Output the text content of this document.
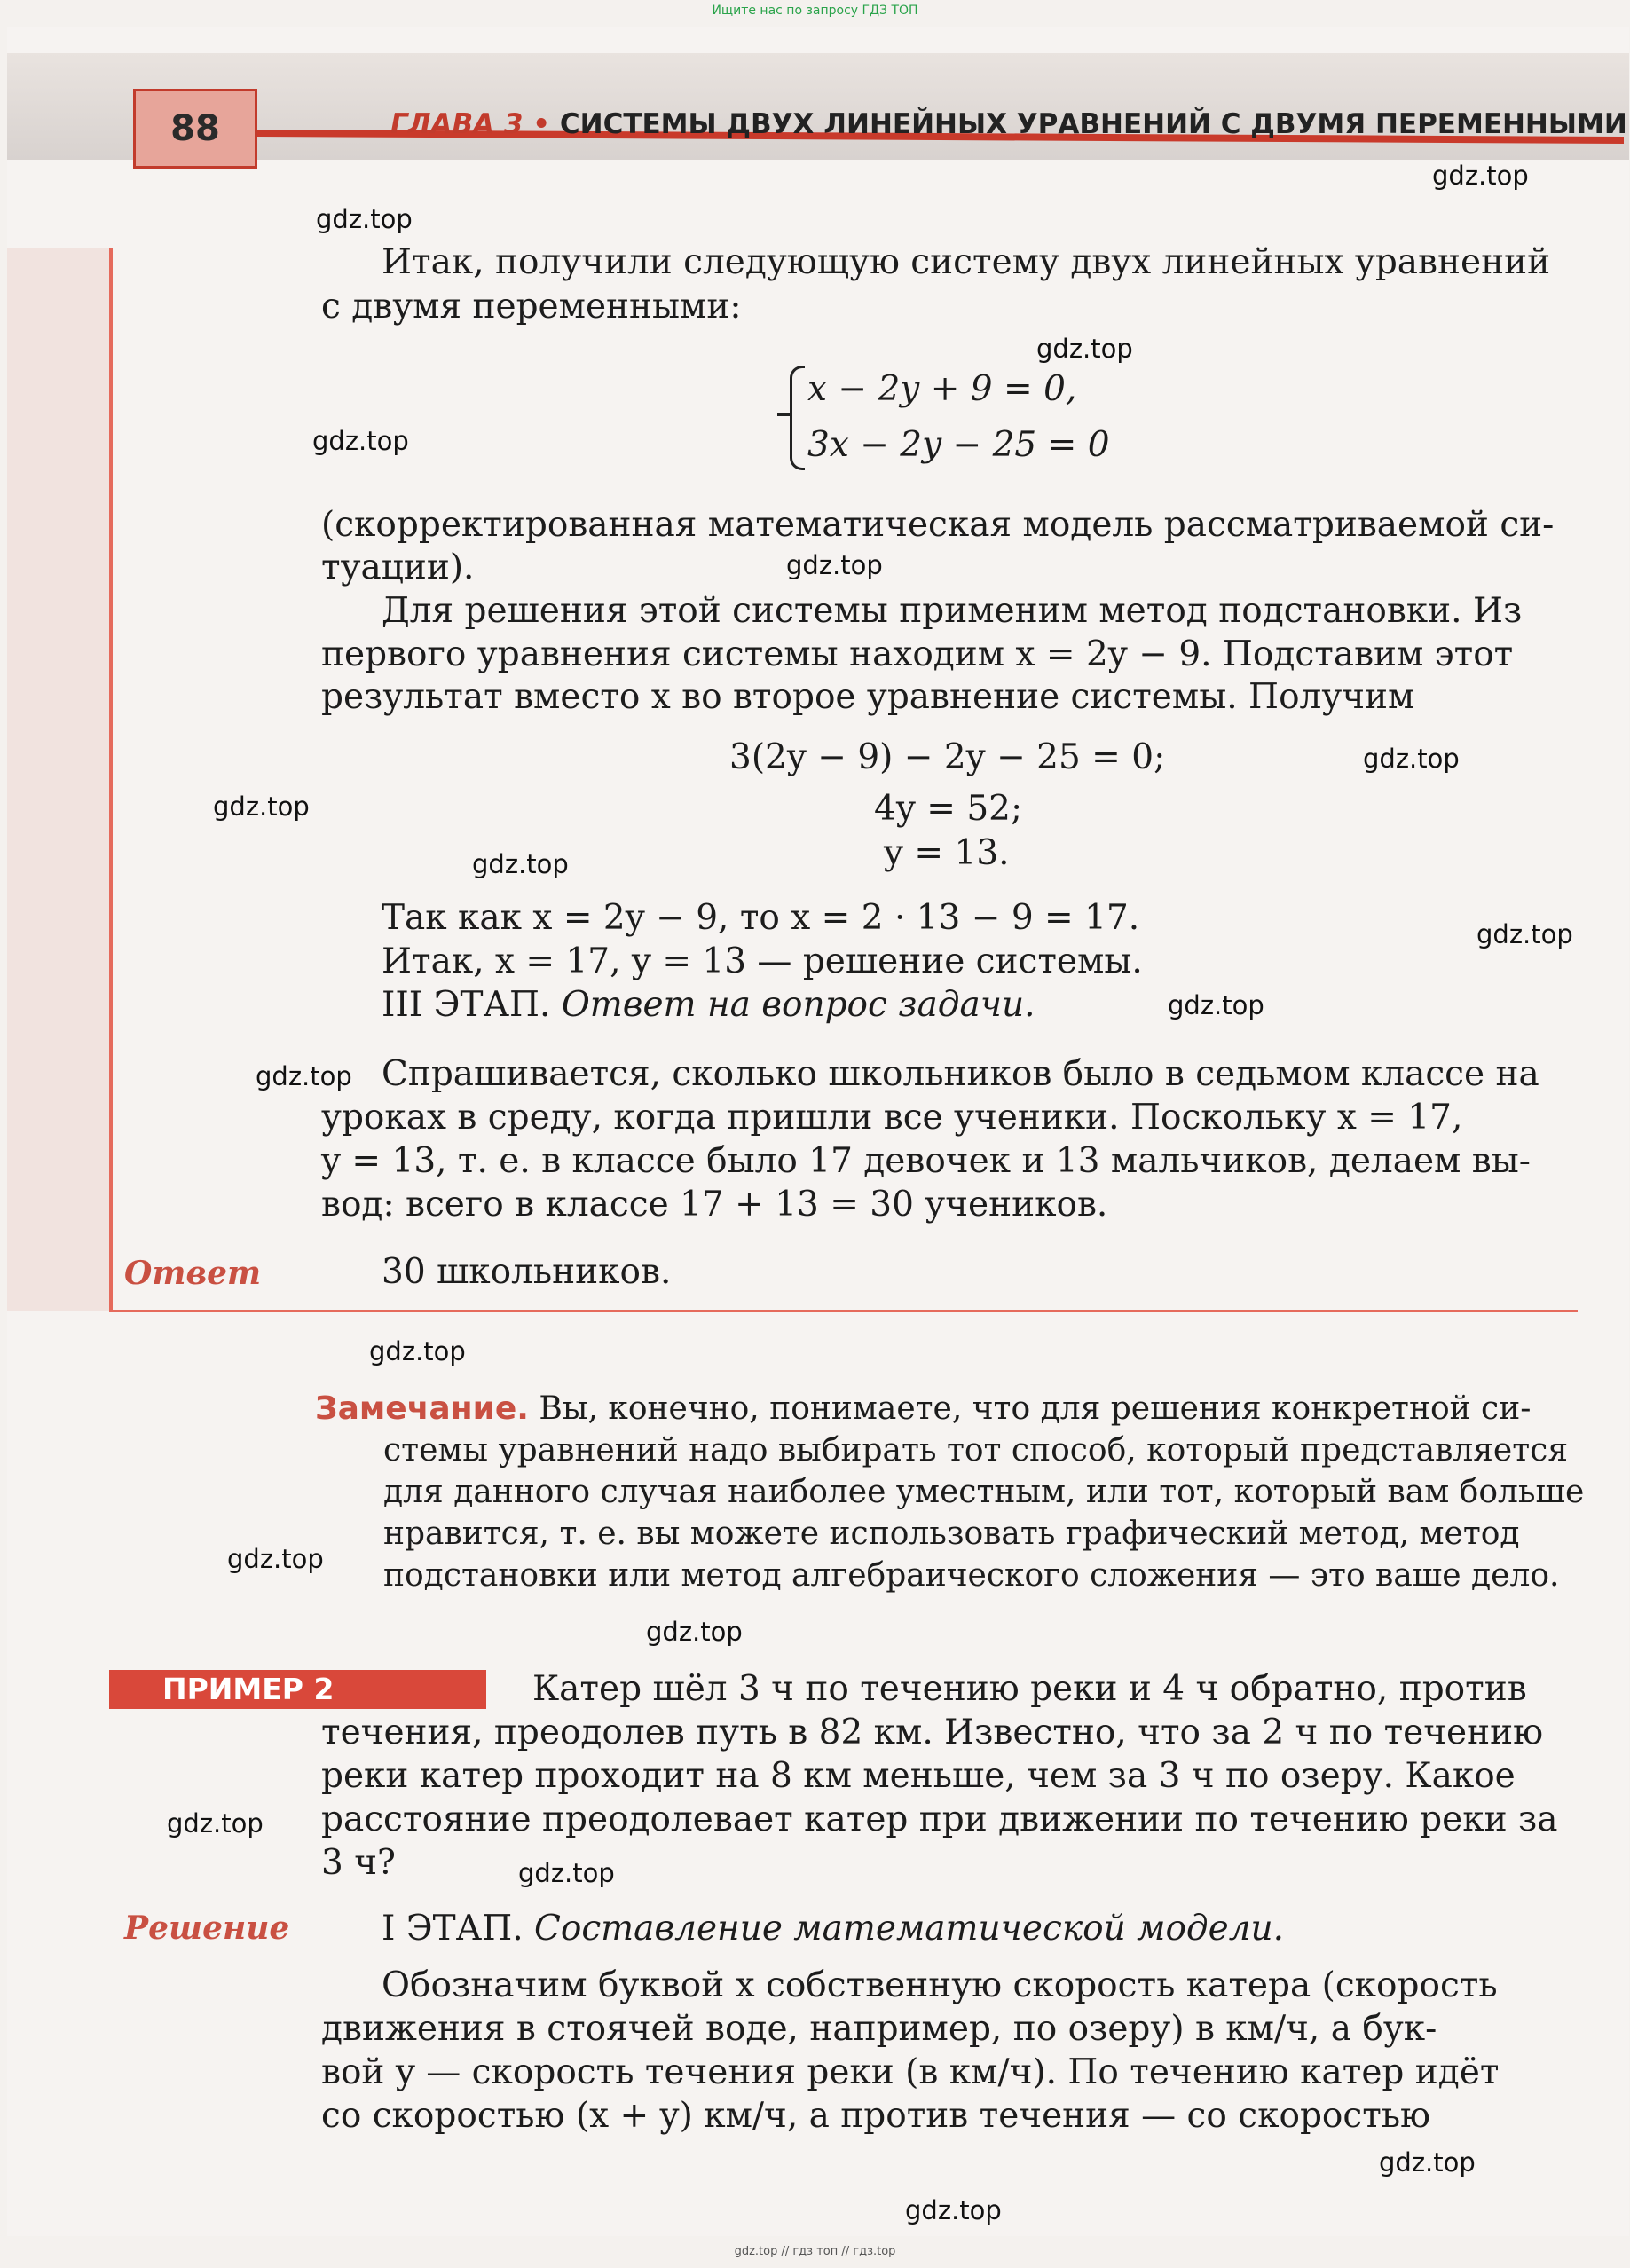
Ищите нас по запросу ГДЗ ТОП
88	ГЛАВА 3 • СИСТЕМЫ ДВУХ ЛИНЕЙНЫХ УРАВНЕНИЙ С ДВУМЯ ПЕРЕМЕННЫМИ
Итак, получили следующую систему двух линейных уравнений
с двумя переменными:
x − 2y + 9 = 0,
3x − 2y − 25 = 0
(скорректированная математическая модель рассматриваемой си-
туации).
Для решения этой системы применим метод подстановки. Из
первого уравнения системы находим x = 2y − 9. Подставим этот
результат вместо x во второе уравнение системы. Получим
3(2y − 9) − 2y − 25 = 0;
4y = 52;
y = 13.
Так как x = 2y − 9, то x = 2 · 13 − 9 = 17.
Итак, x = 17, y = 13 — решение системы.
III ЭТАП. Ответ на вопрос задачи.
Спрашивается, сколько школьников было в седьмом классе на
уроках в среду, когда пришли все ученики. Поскольку x = 17,
y = 13, т. е. в классе было 17 девочек и 13 мальчиков, делаем вы-
вод: всего в классе 17 + 13 = 30 учеников.
Ответ	30 школьников.
Замечание. Вы, конечно, понимаете, что для решения конкретной си-
стемы уравнений надо выбирать тот способ, который представляется
для данного случая наиболее уместным, или тот, который вам больше
нравится, т. е. вы можете использовать графический метод, метод
подстановки или метод алгебраического сложения — это ваше дело.
ПРИМЕР 2	Катер шёл 3 ч по течению реки и 4 ч обратно, против
течения, преодолев путь в 82 км. Известно, что за 2 ч по течению
реки катер проходит на 8 км меньше, чем за 3 ч по озеру. Какое
расстояние преодолевает катер при движении по течению реки за
3 ч?
Решение	I ЭТАП. Составление математической модели.
Обозначим буквой x собственную скорость катера (скорость
движения в стоячей воде, например, по озеру) в км/ч, а бук-
вой y — скорость течения реки (в км/ч). По течению катер идёт
со скоростью (x + y) км/ч, а против течения — со скоростью
gdz.top
gdz.top
gdz.top
gdz.top
gdz.top
gdz.top
gdz.top
gdz.top
gdz.top
gdz.top
gdz.top
gdz.top
gdz.top
gdz.top
gdz.top
gdz.top
gdz.top
gdz.top
gdz.top // гдз топ // гдз.top
